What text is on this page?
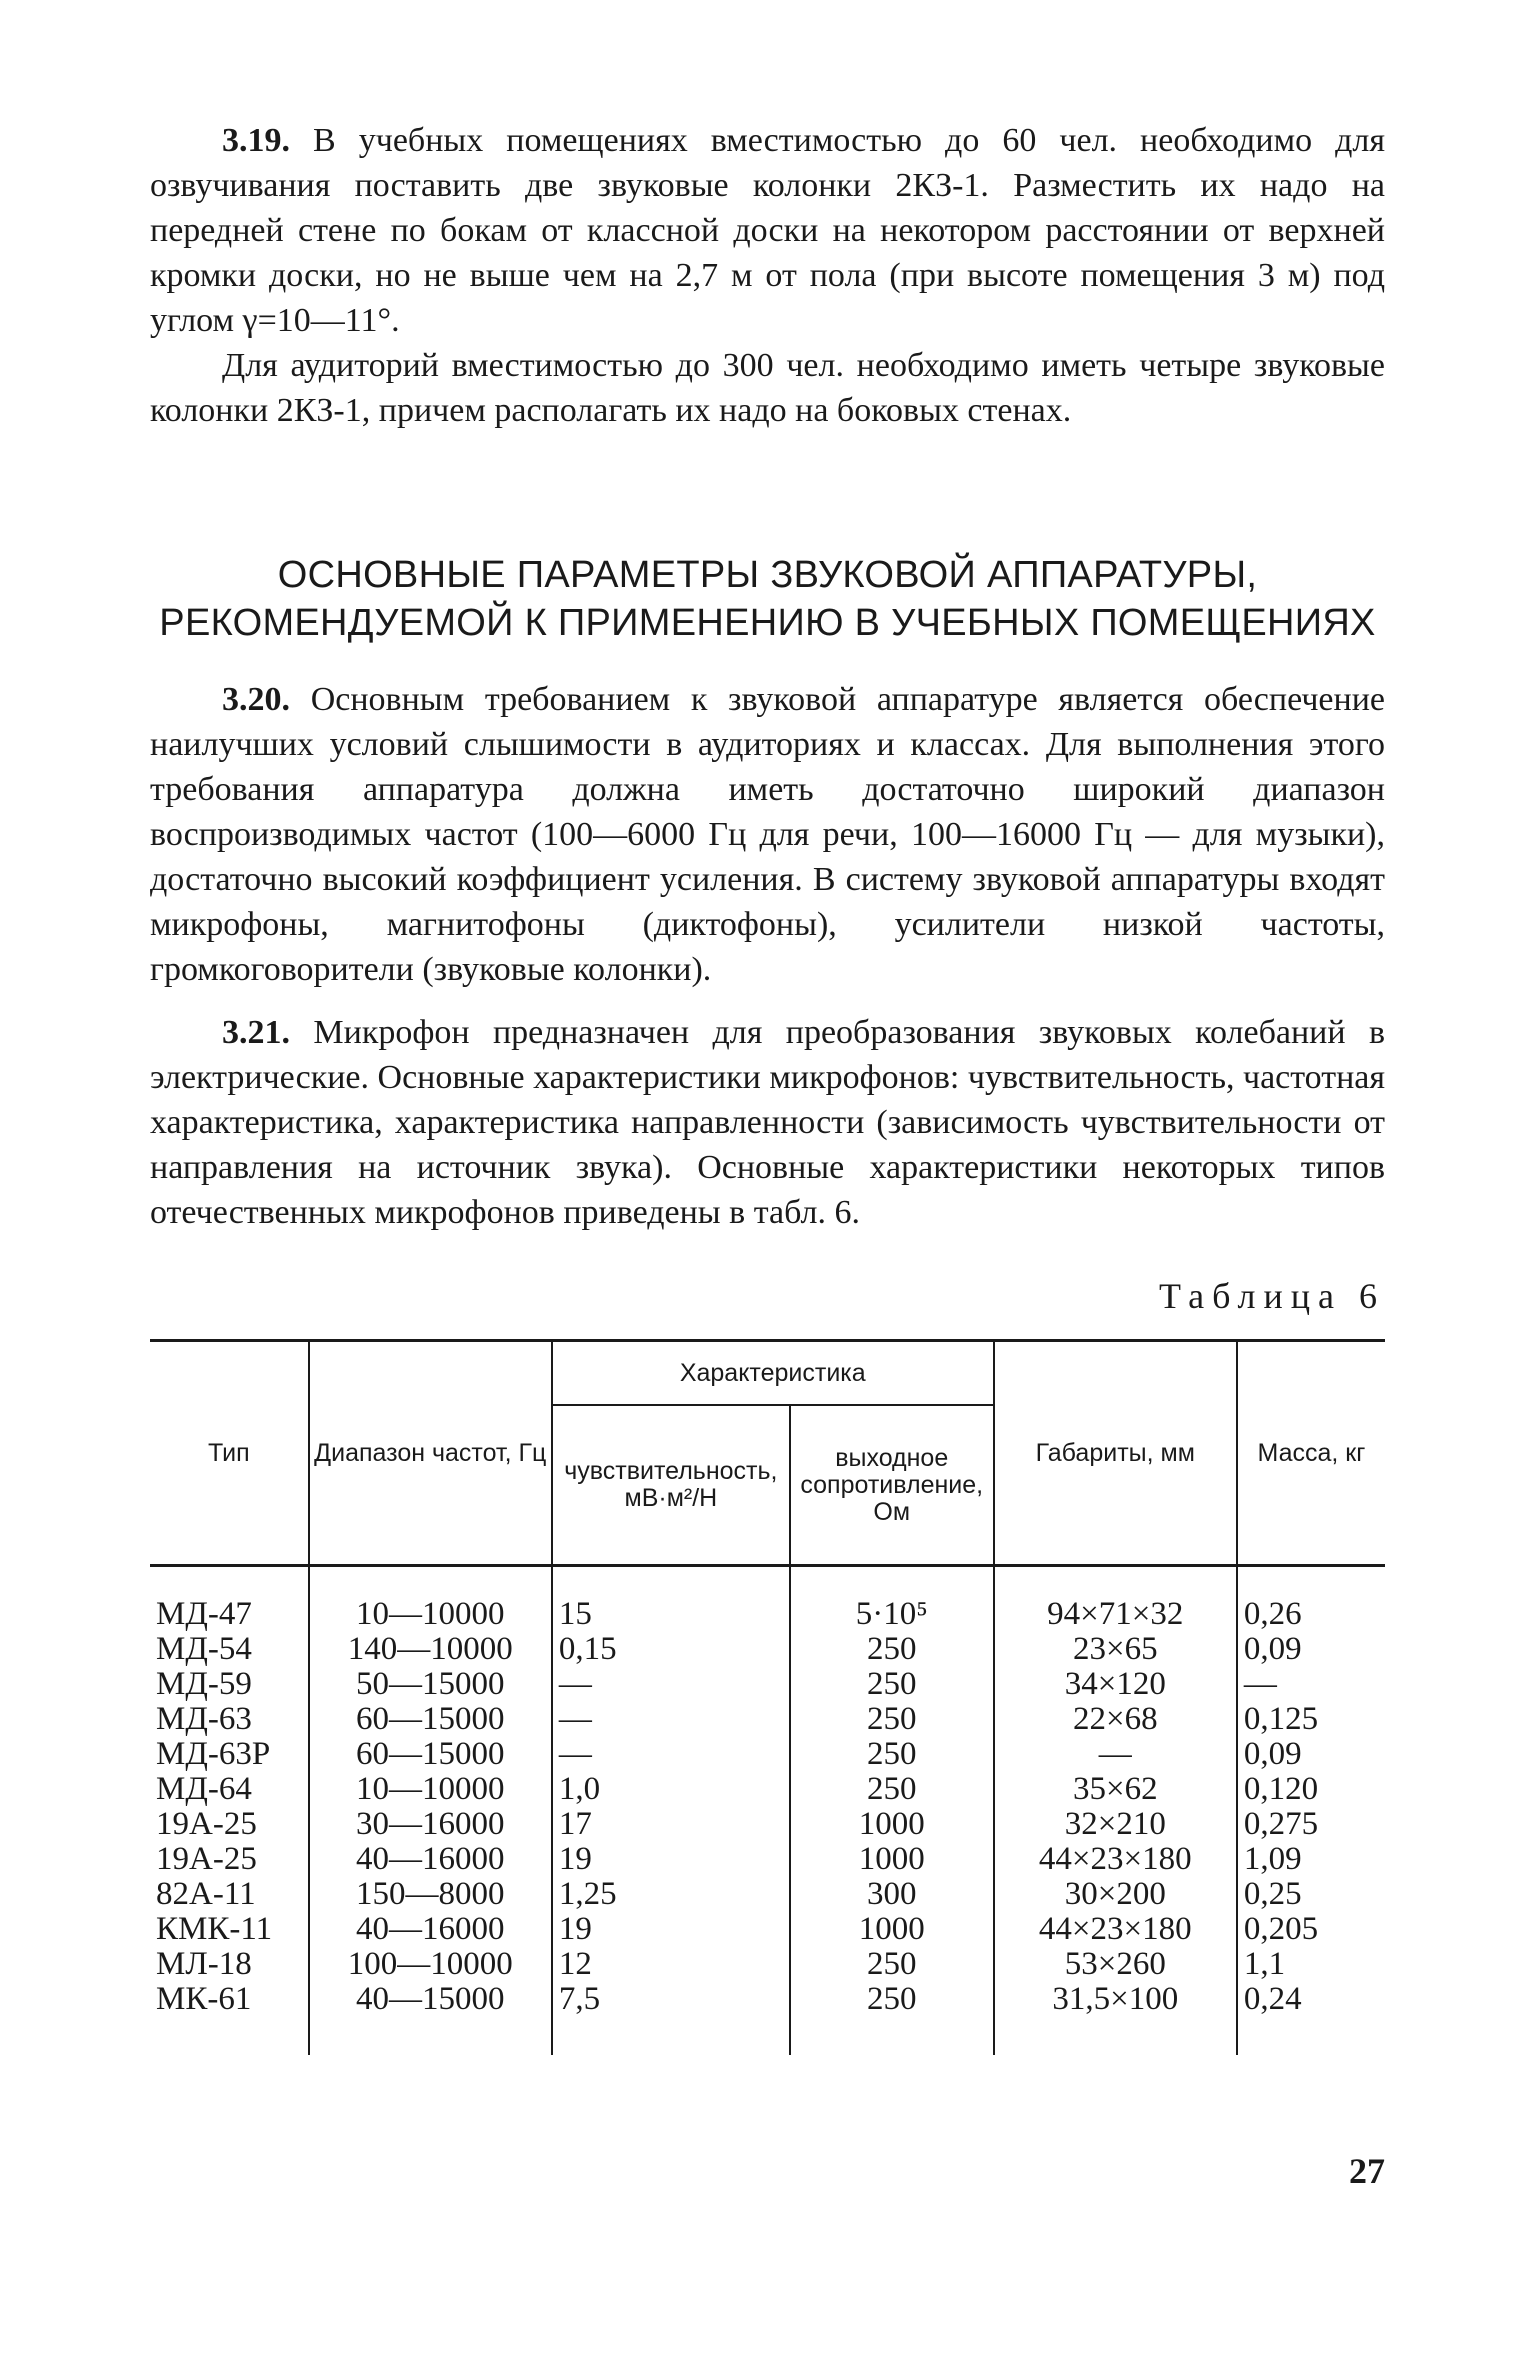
3.19. В учебных помещениях вместимостью до 60 чел. необходимо для озвучивания поставить две звуковые колонки 2КЗ-1. Разместить их надо на передней стене по бокам от классной доски на некотором расстоянии от верхней кромки доски, но не выше чем на 2,7 м от пола (при высоте помещения 3 м) под углом γ=10—11°.

Для аудиторий вместимостью до 300 чел. необходимо иметь четыре звуковые колонки 2КЗ-1, причем располагать их надо на боковых стенах.

ОСНОВНЫЕ ПАРАМЕТРЫ ЗВУКОВОЙ АППАРАТУРЫ, РЕКОМЕНДУЕМОЙ К ПРИМЕНЕНИЮ В УЧЕБНЫХ ПОМЕЩЕНИЯХ

3.20. Основным требованием к звуковой аппаратуре является обеспечение наилучших условий слышимости в аудиториях и классах. Для выполнения этого требования аппаратура должна иметь достаточно широкий диапазон воспроизводимых частот (100—6000 Гц для речи, 100—16000 Гц — для музыки), достаточно высокий коэффициент усиления. В систему звуковой аппаратуры входят микрофоны, магнитофоны (диктофоны), усилители низкой частоты, громкоговорители (звуковые колонки).

3.21. Микрофон предназначен для преобразования звуковых колебаний в электрические. Основные характеристики микрофонов: чувствительность, частотная характеристика, характеристика направленности (зависимость чувствительности от направления на источник звука). Основные характеристики некоторых типов отечественных микрофонов приведены в табл. 6.

Таблица 6
Тип	Диапазон частот, Гц	Характеристика		Габариты, мм	Масса, кг
		чувствительность, мВ·м²/Н	выходное сопротивление, Ом		
МД-47	10—10000	15	5·10⁵	94×71×32	0,26
МД-54	140—10000	0,15	250	23×65	0,09
МД-59	50—15000	—	250	34×120	—
МД-63	60—15000	—	250	22×68	0,125
МД-63Р	60—15000	—	250	—	0,09
МД-64	10—10000	1,0	250	35×62	0,120
19А-25	30—16000	17	1000	32×210	0,275
19А-25	40—16000	19	1000	44×23×180	1,09
82А-11	150—8000	1,25	300	30×200	0,25
КМК-11	40—16000	19	1000	44×23×180	0,205
МЛ-18	100—10000	12	250	53×260	1,1
МК-61	40—15000	7,5	250	31,5×100	0,24
27
